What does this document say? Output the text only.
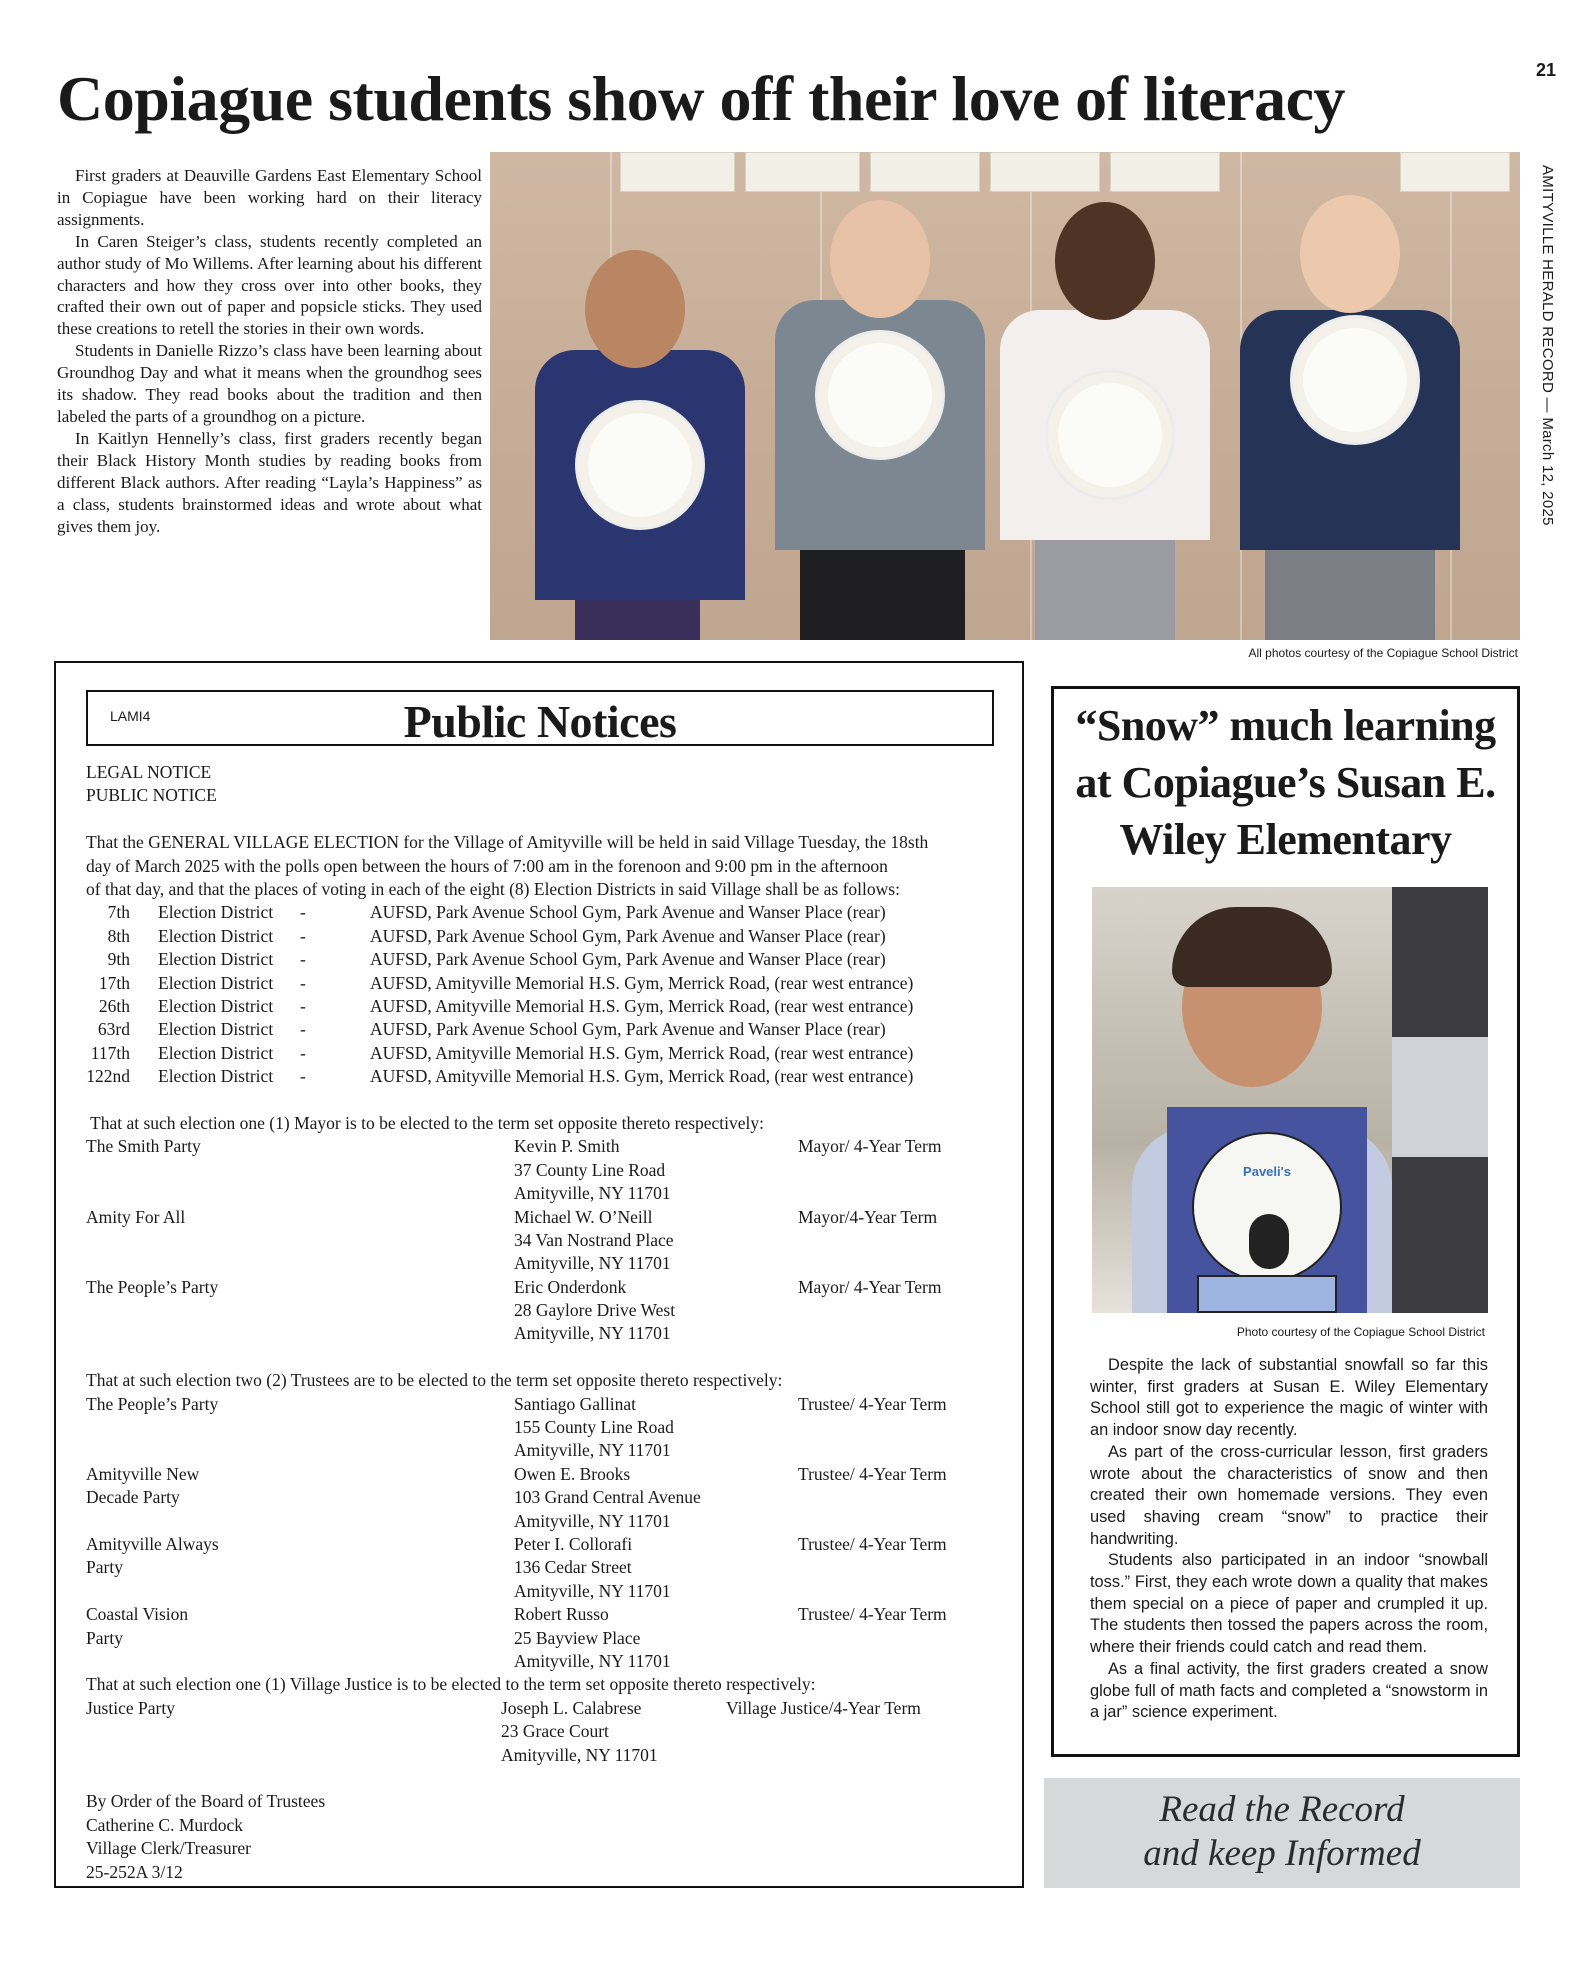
21
Copiague students show off their love of literacy
AMITYVILLE HERALD RECORD — March 12, 2025

First graders at Deauville Gardens East Elementary School in Copiague have been working hard on their literacy assignments.

In Caren Steiger’s class, students recently completed an author study of Mo Willems. After learning about his different characters and how they cross over into other books, they crafted their own out of paper and popsicle sticks. They used these creations to retell the stories in their own words.

Students in Danielle Rizzo’s class have been learning about Groundhog Day and what it means when the groundhog sees its shadow. They read books about the tradition and then labeled the parts of a groundhog on a picture.

In Kaitlyn Hennelly’s class, first graders recently began their Black History Month studies by reading books from different Black authors. After reading “Layla’s Happiness” as a class, students brainstormed ideas and wrote about what gives them joy.

All photos courtesy of the Copiague School District
LAMI4	Public Notices
LEGAL NOTICE
PUBLIC NOTICE
That the GENERAL VILLAGE ELECTION for the Village of Amityville will be held in said Village Tuesday, the 18sth
day of March 2025 with the polls open between the hours of 7:00 am in the forenoon and 9:00 pm in the afternoon
of that day, and that the places of voting in each of the eight (8) Election Districts in said Village shall be as follows:
7th Election District -	AUFSD, Park Avenue School Gym, Park Avenue and Wanser Place (rear)
8th Election District -	AUFSD, Park Avenue School Gym, Park Avenue and Wanser Place (rear)
9th Election District -	AUFSD, Park Avenue School Gym, Park Avenue and Wanser Place (rear)
17th Election District -	AUFSD, Amityville Memorial H.S. Gym, Merrick Road, (rear west entrance)
26th Election District -	AUFSD, Amityville Memorial H.S. Gym, Merrick Road, (rear west entrance)
63rd Election District -	AUFSD, Park Avenue School Gym, Park Avenue and Wanser Place (rear)
117th Election District -	AUFSD, Amityville Memorial H.S. Gym, Merrick Road, (rear west entrance)
122nd Election District -	AUFSD, Amityville Memorial H.S. Gym, Merrick Road, (rear west entrance)
That at such election one (1) Mayor is to be elected to the term set opposite thereto respectively:
The Smith Party	Kevin P. Smith	Mayor/ 4-Year Term
37 County Line Road
Amityville, NY 11701
Amity For All	Michael W. O’Neill	Mayor/4-Year Term
34 Van Nostrand Place
Amityville, NY 11701
The People’s Party	Eric Onderdonk	Mayor/ 4-Year Term
28 Gaylore Drive West
Amityville, NY 11701
That at such election two (2) Trustees are to be elected to the term set opposite thereto respectively:
The People’s Party	Santiago Gallinat	Trustee/ 4-Year Term
155 County Line Road
Amityville, NY 11701
Amityville New	Owen E. Brooks	Trustee/ 4-Year Term
Decade Party	103 Grand Central Avenue
Amityville, NY 11701
Amityville Always	Peter I. Collorafi	Trustee/ 4-Year Term
Party	136 Cedar Street
Amityville, NY 11701
Coastal Vision	Robert Russo	Trustee/ 4-Year Term
Party	25 Bayview Place
Amityville, NY 11701
That at such election one (1) Village Justice is to be elected to the term set opposite thereto respectively:
Justice Party	Joseph L. Calabrese	Village Justice/4-Year Term
23 Grace Court
Amityville, NY 11701
By Order of the Board of Trustees
Catherine C. Murdock
Village Clerk/Treasurer
25-252A 3/12
“Snow” much learning
at Copiague’s Susan E.
Wiley Elementary
Paveli's
Photo courtesy of the Copiague School District

Despite the lack of substantial snowfall so far this winter, first graders at Susan E. Wiley Elementary School still got to experience the magic of winter with an indoor snow day recently.

As part of the cross-curricular lesson, first graders wrote about the characteristics of snow and then created their own homemade versions. They even used shaving cream “snow” to practice their handwriting.

Students also participated in an indoor “snowball toss.” First, they each wrote down a quality that makes them special on a piece of paper and crumpled it up. The students then tossed the papers across the room, where their friends could catch and read them.

As a final activity, the first graders created a snow globe full of math facts and completed a “snowstorm in a jar” science experiment.

Read the Record
and keep Informed
